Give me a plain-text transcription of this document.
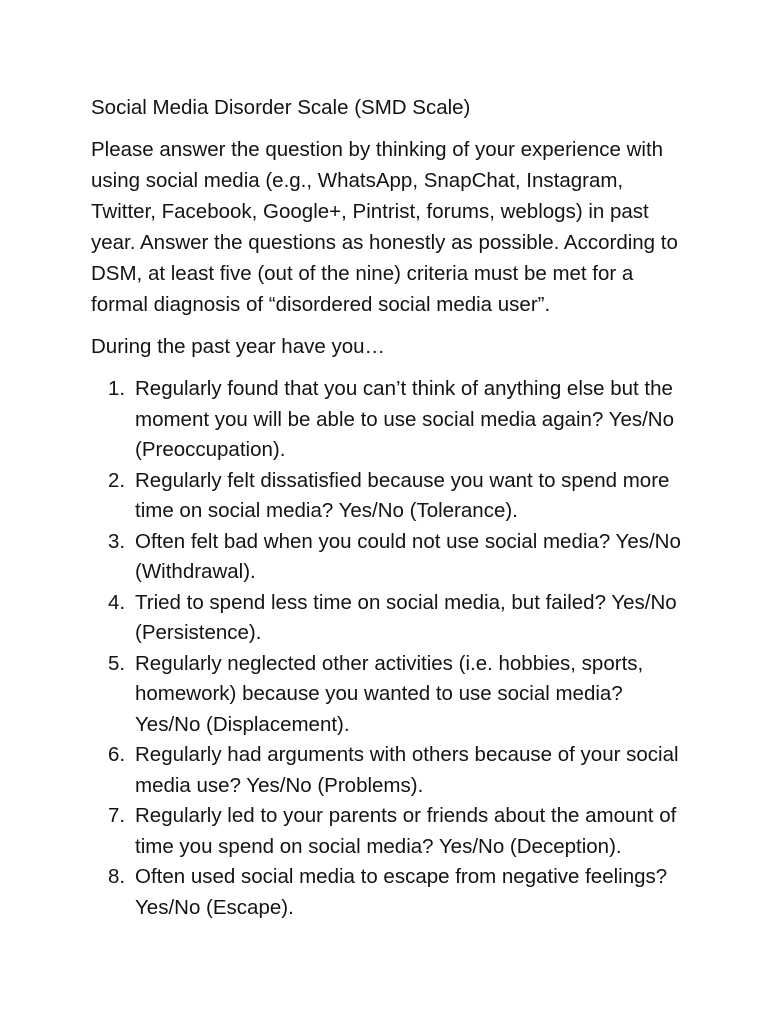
Social Media Disorder Scale (SMD Scale)

Please answer the question by thinking of your experience with using social media (e.g., WhatsApp, SnapChat, Instagram, Twitter, Facebook, Google+, Pintrist, forums, weblogs) in past year. Answer the questions as honestly as possible. According to DSM, at least five (out of the nine) criteria must be met for a formal diagnosis of “disordered social media user”.

During the past year have you…

1. Regularly found that you can’t think of anything else but the moment you will be able to use social media again? Yes/No (Preoccupation).
2. Regularly felt dissatisfied because you want to spend more time on social media? Yes/No (Tolerance).
3. Often felt bad when you could not use social media? Yes/No (Withdrawal).
4. Tried to spend less time on social media, but failed? Yes/No (Persistence).
5. Regularly neglected other activities (i.e. hobbies, sports, homework) because you wanted to use social media? Yes/No (Displacement).
6. Regularly had arguments with others because of your social media use? Yes/No (Problems).
7. Regularly led to your parents or friends about the amount of time you spend on social media? Yes/No (Deception).
8. Often used social media to escape from negative feelings? Yes/No (Escape).
